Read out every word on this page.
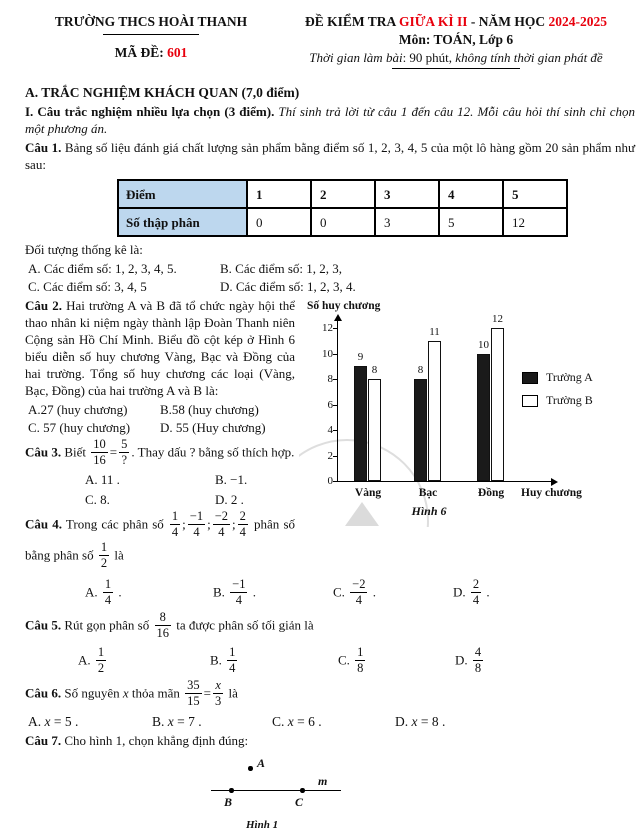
TRƯỜNG THCS HOÀI THANH
MÃ ĐỀ: 601
ĐỀ KIỂM TRA GIỮA KÌ II - NĂM HỌC 2024-2025
Môn: TOÁN, Lớp 6
Thời gian làm bài: 90 phút, không tính thời gian phát đề
A. TRẮC NGHIỆM KHÁCH QUAN (7,0 điểm)

I. Câu trắc nghiệm nhiều lựa chọn (3 điểm). Thí sinh trả lời từ câu 1 đến câu 12. Mỗi câu hỏi thí sinh chỉ chọn một phương án.

Câu 1. Bảng số liệu đánh giá chất lượng sản phẩm bằng điểm số 1, 2, 3, 4, 5 của một lô hàng gồm 20 sản phẩm như sau:

Điểm	1	2	3	4	5
Số thập phân	0	0	3	5	12

Đối tượng thống kê là:

A. Các điểm số: 1, 2, 3, 4, 5.	B. Các điểm số: 1, 2, 3,
C. Các điểm số: 3, 4, 5	D. Các điểm số: 1, 2, 3, 4.
Số huy chương
0
2
4
6
8
10
12
9
8	8
11
10
12
Vàng	Bạc	Đồng Huy chương
Trường A
Trường B
Hình 6

Câu 2. Hai trường A và B đã tổ chức ngày hội thể thao nhân ki niệm ngày thành lập Đoàn Thanh niên Cộng sản Hồ Chí Minh. Biểu đồ cột kép ở Hình 6 biểu diễn số huy chương Vàng, Bạc và Đồng của hai trường. Tổng số huy chương các loại (Vàng, Bạc, Đồng) của hai trường A và B là:

A.27 (huy chương)	B.58 (huy chương)
C. 57 (huy chương)	D. 55 (Huy chương)

Câu 3. Biết $\frac{10}{16} = \frac{5}{?}$ . Thay dấu ? bằng số thích hợp.

A. 11 .	B. −1.
C. 8.	D. 2 .

Câu 4. Trong các phân số $\frac{1}{4}$ ; $\frac{-1}{4}$ ; $\frac{-2}{4}$ ; $\frac{2}{4}$ phân số bằng phân số $\frac{1}{2}$ là

A. $\frac{1}{4}$ .	B. $\frac{-1}{4}$ .	C. $\frac{-2}{4}$ .	D. $\frac{2}{4}$ .

Câu 5. Rút gọn phân số $\frac{8}{16}$ ta được phân số tối giản là

A. $\frac{1}{2}$	B. $\frac{1}{4}$	C. $\frac{1}{8}$	D. $\frac{4}{8}$

Câu 6. Số nguyên x thỏa mãn $\frac{35}{15} = \frac{x}{3}$ là

A. x = 5 .	B. x = 7 .	C. x = 6 .	D. x = 8 .

Câu 7. Cho hình 1, chọn khẳng định đúng:

A
m
B	C
Hình 1
